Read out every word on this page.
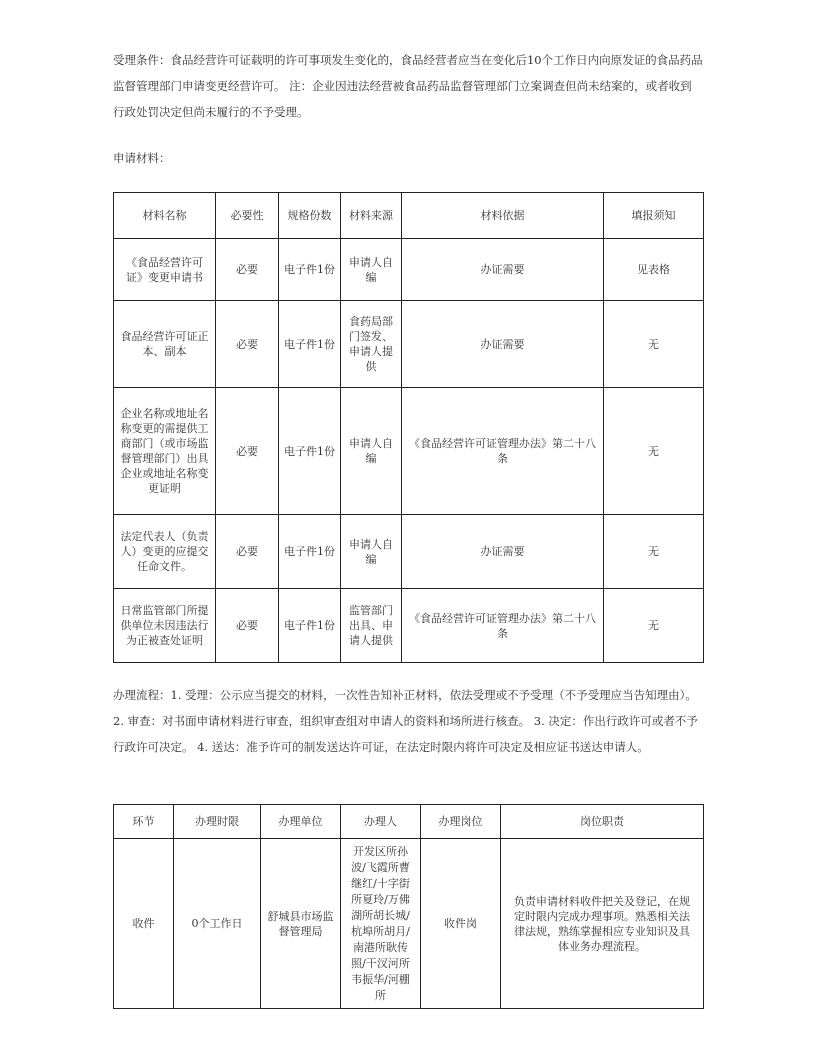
受理条件：食品经营许可证载明的许可事项发生变化的，食品经营者应当在变化后10个工作日内向原发证的食品药品监督管理部门申请变更经营许可。 注：企业因违法经营被食品药品监督管理部门立案调查但尚未结案的，或者收到行政处罚决定但尚未履行的不予受理。

申请材料：

材料名称	必要性	规格份数	材料来源	材料依据	填报须知
《食品经营许可证》变更申请书	必要	电子件1份	申请人自编	办证需要	见表格
食品经营许可证正本、副本	必要	电子件1份	食药局部门签发、申请人提供	办证需要	无
企业名称或地址名称变更的需提供工商部门（或市场监督管理部门）出具企业或地址名称变更证明	必要	电子件1份	申请人自编	《食品经营许可证管理办法》第二十八条	无
法定代表人（负责人）变更的应提交任命文件。	必要	电子件1份	申请人自编	办证需要	无
日常监管部门所提供单位未因违法行为正被查处证明	必要	电子件1份	监管部门出具、申请人提供	《食品经营许可证管理办法》第二十八条	无

办理流程：1. 受理：公示应当提交的材料，一次性告知补正材料，依法受理或不予受理（不予受理应当告知理由）。 2. 审查：对书面申请材料进行审查，组织审查组对申请人的资料和场所进行核查。 3. 决定：作出行政许可或者不予行政许可决定。 4. 送达：准予许可的制发送达许可证，在法定时限内将许可决定及相应证书送达申请人。

环节	办理时限	办理单位	办理人	办理岗位	岗位职责
收件	0个工作日	舒城县市场监督管理局	开发区所孙波/飞霞所曹继红/十字街所夏玲/万佛湖所胡长城/杭埠所胡月/南港所耿传照/干汊河所韦振华/河棚所	收件岗	负责申请材料收件把关及登记，在规定时限内完成办理事项。熟悉相关法律法规，熟练掌握相应专业知识及具体业务办理流程。
